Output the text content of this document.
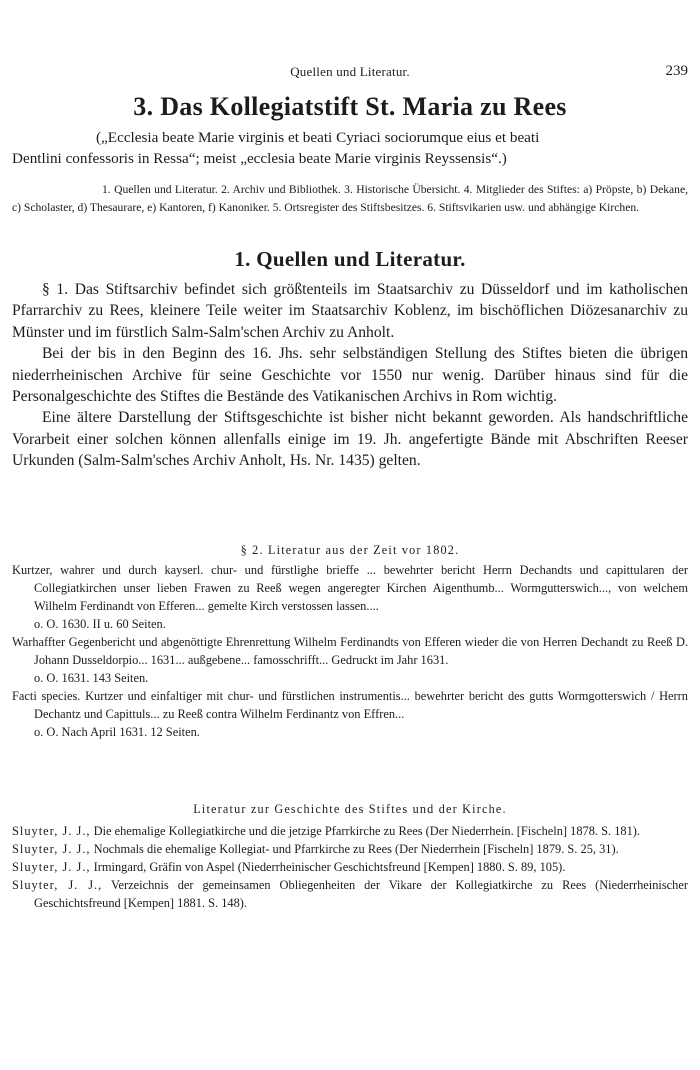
Quellen und Literatur.	239
3. Das Kollegiatstift St. Maria zu Rees

(„Ecclesia beate Marie virginis et beati Cyriaci sociorumque eius et beati

Dentlini confessoris in Ressa“; meist „ecclesia beate Marie virginis Reyssensis“.)

1. Quellen und Literatur. 2. Archiv und Bibliothek. 3. Historische Übersicht. 4. Mitglieder des Stiftes: a) Pröpste, b) Dekane, c) Scholaster, d) Thesaurare, e) Kantoren, f) Kanoniker. 5. Ortsregister des Stiftsbesitzes. 6. Stiftsvikarien usw. und abhängige Kirchen.

1. Quellen und Literatur.

§ 1. Das Stiftsarchiv befindet sich größtenteils im Staatsarchiv zu Düsseldorf und im katholischen Pfarrarchiv zu Rees, kleinere Teile weiter im Staatsarchiv Koblenz, im bischöflichen Diözesanarchiv zu Münster und im fürstlich Salm-Salm'schen Archiv zu Anholt.

Bei der bis in den Beginn des 16. Jhs. sehr selbständigen Stellung des Stiftes bieten die übrigen niederrheinischen Archive für seine Geschichte vor 1550 nur wenig. Darüber hinaus sind für die Personalgeschichte des Stiftes die Bestände des Vatikanischen Archivs in Rom wichtig.

Eine ältere Darstellung der Stiftsgeschichte ist bisher nicht bekannt geworden. Als handschriftliche Vorarbeit einer solchen können allenfalls einige im 19. Jh. angefertigte Bände mit Abschriften Reeser Urkunden (Salm-Salm'sches Archiv Anholt, Hs. Nr. 1435) gelten.

§ 2. Literatur aus der Zeit vor 1802.
Kurtzer, wahrer und durch kayserl. chur- und fürstlighe brieffe ... bewehrter bericht Herrn Dechandts und capittularen der Collegiatkirchen unser lieben Frawen zu Reeß wegen angeregter Kirchen Aigenthumb... Wormgutterswich..., von welchem Wilhelm Ferdinandt von Efferen... gemelte Kirch verstossen lassen....
o. O. 1630. II u. 60 Seiten.
Warhaffter Gegenbericht und abgenöttigte Ehrenrettung Wilhelm Ferdinandts von Efferen wieder die von Herren Dechandt zu Reeß D. Johann Dusseldorpio... 1631... außgebene... famosschrifft... Gedruckt im Jahr 1631.
o. O. 1631. 143 Seiten.
Facti species. Kurtzer und einfaltiger mit chur- und fürstlichen instrumentis... bewehrter bericht des gutts Wormgotterswich / Herrn Dechantz und Capittuls... zu Reeß contra Wilhelm Ferdinantz von Effren...
o. O. Nach April 1631. 12 Seiten.
Literatur zur Geschichte des Stiftes und der Kirche.
Sluyter, J. J., Die ehemalige Kollegiatkirche und die jetzige Pfarrkirche zu Rees (Der Niederrhein. [Fischeln] 1878. S. 181).
Sluyter, J. J., Nochmals die ehemalige Kollegiat- und Pfarrkirche zu Rees (Der Niederrhein [Fischeln] 1879. S. 25, 31).
Sluyter, J. J., Irmingard, Gräfin von Aspel (Niederrheinischer Geschichtsfreund [Kempen] 1880. S. 89, 105).
Sluyter, J. J., Verzeichnis der gemeinsamen Obliegenheiten der Vikare der Kollegiatkirche zu Rees (Niederrheinischer Geschichtsfreund [Kempen] 1881. S. 148).
